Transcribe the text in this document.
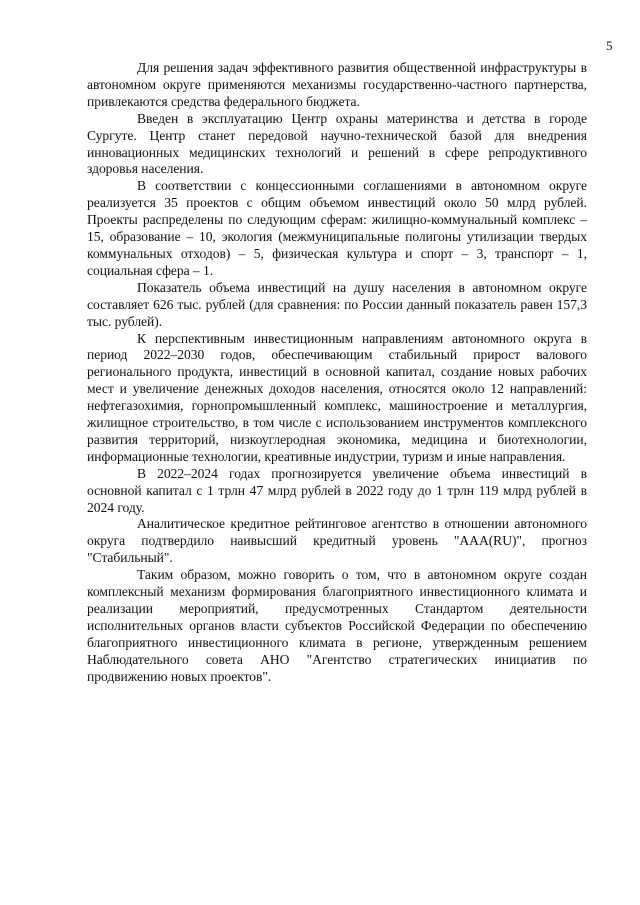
5

Для решения задач эффективного развития общественной инфраструктуры в автономном округе применяются механизмы государственно-частного партнерства, привлекаются средства федерального бюджета.

Введен в эксплуатацию Центр охраны материнства и детства в городе Сургуте. Центр станет передовой научно-технической базой для внедрения инновационных медицинских технологий и решений в сфере репродуктивного здоровья населения.

В соответствии с концессионными соглашениями в автономном округе реализуется 35 проектов с общим объемом инвестиций около 50 млрд рублей. Проекты распределены по следующим сферам: жилищно-коммунальный комплекс – 15, образование – 10, экология (межмуниципальные полигоны утилизации твердых коммунальных отходов) – 5, физическая культура и спорт – 3, транспорт – 1, социальная сфера – 1.

Показатель объема инвестиций на душу населения в автономном округе составляет 626 тыс. рублей (для сравнения: по России данный показатель равен 157,3 тыс. рублей).

К перспективным инвестиционным направлениям автономного округа в период 2022–2030 годов, обеспечивающим стабильный прирост валового регионального продукта, инвестиций в основной капитал, создание новых рабочих мест и увеличение денежных доходов населения, относятся около 12 направлений: нефтегазохимия, горнопромышленный комплекс, машиностроение и металлургия, жилищное строительство, в том числе с использованием инструментов комплексного развития территорий, низкоуглеродная экономика, медицина и биотехнологии, информационные технологии, креативные индустрии, туризм и иные направления.

В 2022–2024 годах прогнозируется увеличение объема инвестиций в основной капитал с 1 трлн 47 млрд рублей в 2022 году до 1 трлн 119 млрд рублей в 2024 году.

Аналитическое кредитное рейтинговое агентство в отношении автономного округа подтвердило наивысший кредитный уровень "ААА(RU)", прогноз "Стабильный".

Таким образом, можно говорить о том, что в автономном округе создан комплексный механизм формирования благоприятного инвестиционного климата и реализации мероприятий, предусмотренных Стандартом деятельности исполнительных органов власти субъектов Российской Федерации по обеспечению благоприятного инвестиционного климата в регионе, утвержденным решением Наблюдательного совета АНО "Агентство стратегических инициатив по продвижению новых проектов".
